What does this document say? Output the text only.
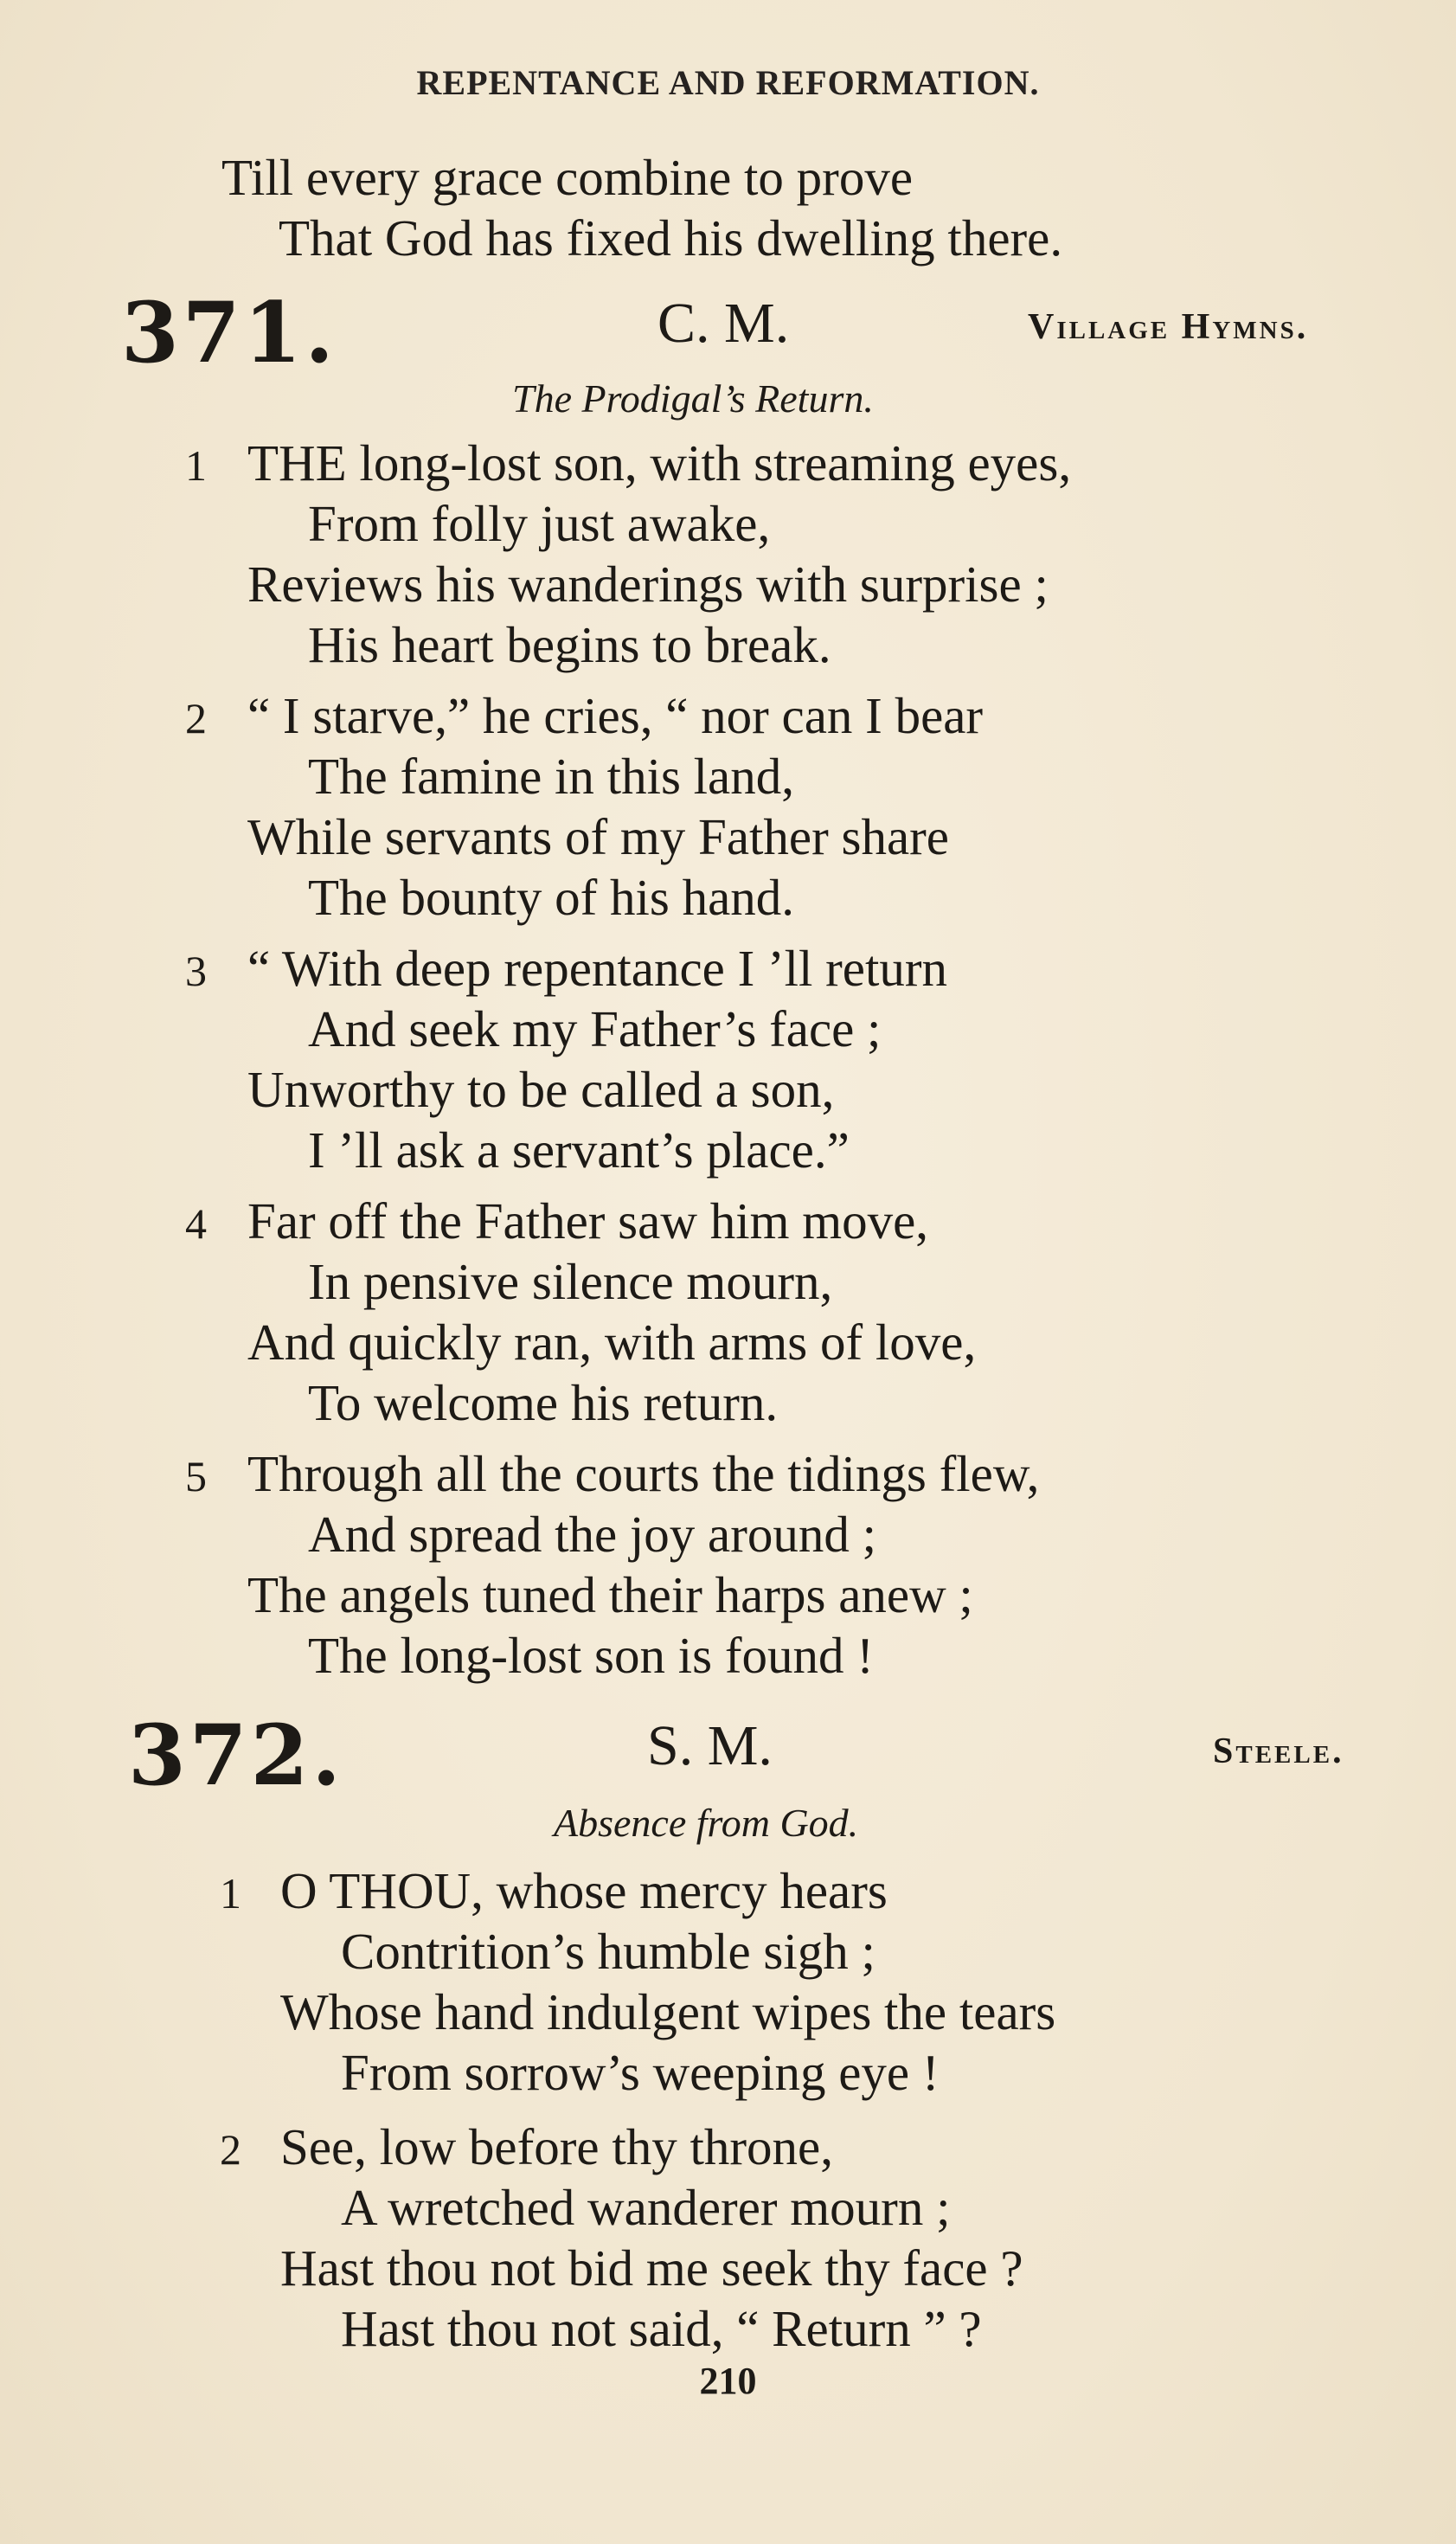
REPENTANCE AND REFORMATION.
Till every grace combine to prove
That God has fixed his dwelling there.
371.	C. M.	Village Hymns.
The Prodigal’s Return.
1 THE long-lost son, with streaming eyes,
From folly just awake,
Reviews his wanderings with surprise ;
His heart begins to break.
2 “ I starve,” he cries, “ nor can I bear
The famine in this land,
While servants of my Father share
The bounty of his hand.
3 “ With deep repentance I ’ll return
And seek my Father’s face ;
Unworthy to be called a son,
I ’ll ask a servant’s place.”
4 Far off the Father saw him move,
In pensive silence mourn,
And quickly ran, with arms of love,
To welcome his return.
5 Through all the courts the tidings flew,
And spread the joy around ;
The angels tuned their harps anew ;
The long-lost son is found !
372.	S. M.	Steele.
Absence from God.
1 O THOU, whose mercy hears
Contrition’s humble sigh ;
Whose hand indulgent wipes the tears
From sorrow’s weeping eye !
2 See, low before thy throne,
A wretched wanderer mourn ;
Hast thou not bid me seek thy face ?
Hast thou not said, “ Return ” ?
210
